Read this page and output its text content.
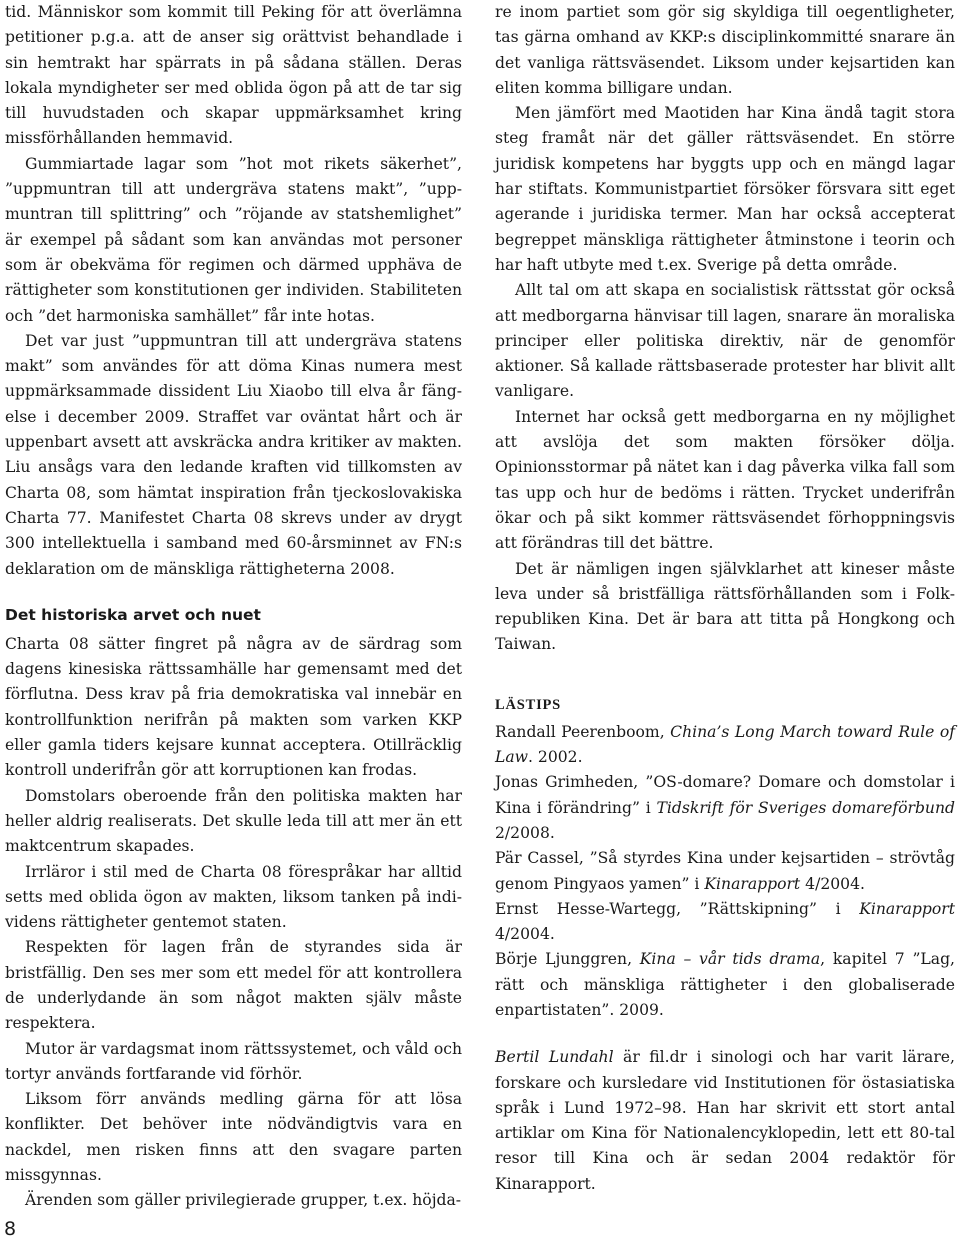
tid. Människor som kommit till Peking för att överlämna petitioner p.g.a. att de anser sig orättvist behandlade i sin hemtrakt har spärrats in på sådana ställen. Deras lokala myndigheter ser med oblida ögon på att de tar sig till huvudstaden och skapar uppmärksamhet kring missförhållanden hemmavid.

Gummiartade lagar som ”hot mot rikets säkerhet”, ”uppmuntran till att undergräva statens makt”, ”uppmuntran till splittring” och ”röjande av statshemlighet” är exempel på sådant som kan användas mot personer som är obekväma för regimen och därmed upphäva de rättigheter som konstitutionen ger individen. Stabiliteten och ”det harmoniska samhället” får inte hotas.

Det var just ”uppmuntran till att undergräva statens makt” som användes för att döma Kinas numera mest uppmärksammade dissident Liu Xiaobo till elva år fängelse i december 2009. Straffet var oväntat hårt och är uppenbart avsett att avskräcka andra kritiker av makten. Liu ansågs vara den ledande kraften vid tillkomsten av Charta 08, som hämtat inspiration från tjeckoslovakiska Charta 77. Manifestet Charta 08 skrevs under av drygt 300 intellektuella i samband med 60-årsminnet av FN:s deklaration om de mänskliga rättigheterna 2008.

Det historiska arvet och nuet

Charta 08 sätter fingret på några av de särdrag som dagens kinesiska rättssamhälle har gemensamt med det förflutna. Dess krav på fria demokratiska val innebär en kontrollfunktion nerifrån på makten som varken KKP eller gamla tiders kejsare kunnat acceptera. Otillräcklig kontroll underifrån gör att korruptionen kan frodas.

Domstolars oberoende från den politiska makten har heller aldrig realiserats. Det skulle leda till att mer än ett maktcentrum skapades.

Irrläror i stil med de Charta 08 förespråkar har alltid setts med oblida ögon av makten, liksom tanken på individens rättigheter gentemot staten.

Respekten för lagen från de styrandes sida är bristfällig. Den ses mer som ett medel för att kontrollera de underlydande än som något makten själv måste respektera.

Mutor är vardagsmat inom rättssystemet, och våld och tortyr används fortfarande vid förhör.

Liksom förr används medling gärna för att lösa konflikter. Det behöver inte nödvändigtvis vara en nackdel, men risken finns att den svagare parten missgynnas.

Ärenden som gäller privilegierade grupper, t.ex. höjda-

re inom partiet som gör sig skyldiga till oegentligheter, tas gärna omhand av KKP:s disciplinkommitté snarare än det vanliga rättsväsendet. Liksom under kejsartiden kan eliten komma billigare undan.

Men jämfört med Maotiden har Kina ändå tagit stora steg framåt när det gäller rättsväsendet. En större juridisk kompetens har byggts upp och en mängd lagar har stiftats. Kommunistpartiet försöker försvara sitt eget agerande i juridiska termer. Man har också accepterat begreppet mänskliga rättigheter åtminstone i teorin och har haft utbyte med t.ex. Sverige på detta område.

Allt tal om att skapa en socialistisk rättsstat gör också att medborgarna hänvisar till lagen, snarare än moraliska principer eller politiska direktiv, när de genomför aktioner. Så kallade rättsbaserade protester har blivit allt vanligare.

Internet har också gett medborgarna en ny möjlighet att avslöja det som makten försöker dölja. Opinionsstormar på nätet kan i dag påverka vilka fall som tas upp och hur de bedöms i rätten. Trycket underifrån ökar och på sikt kommer rättsväsendet förhoppningsvis att förändras till det bättre.

Det är nämligen ingen självklarhet att kineser måste leva under så bristfälliga rättsförhållanden som i Folkrepubliken Kina. Det är bara att titta på Hongkong och Taiwan.

LÄSTIPS

Randall Peerenboom, China’s Long March toward Rule of Law. 2002.

Jonas Grimheden, ”OS-domare? Domare och domstolar i Kina i förändring” i Tidskrift för Sveriges domareförbund 2/2008.

Pär Cassel, ”Så styrdes Kina under kejsartiden – strövtåg genom Pingyaos yamen” i Kinarapport 4/2004.

Ernst Hesse-Wartegg, ”Rättskipning” i Kinarapport 4/2004.

Börje Ljunggren, Kina – vår tids drama, kapitel 7 ”Lag, rätt och mänskliga rättigheter i den globaliserade enpartistaten”. 2009.

Bertil Lundahl är fil.dr i sinologi och har varit lärare, forskare och kursledare vid Institutionen för östasiatiska språk i Lund 1972–98. Han har skrivit ett stort antal artiklar om Kina för Nationalencyklopedin, lett ett 80-tal resor till Kina och är sedan 2004 redaktör för Kinarapport.

8
